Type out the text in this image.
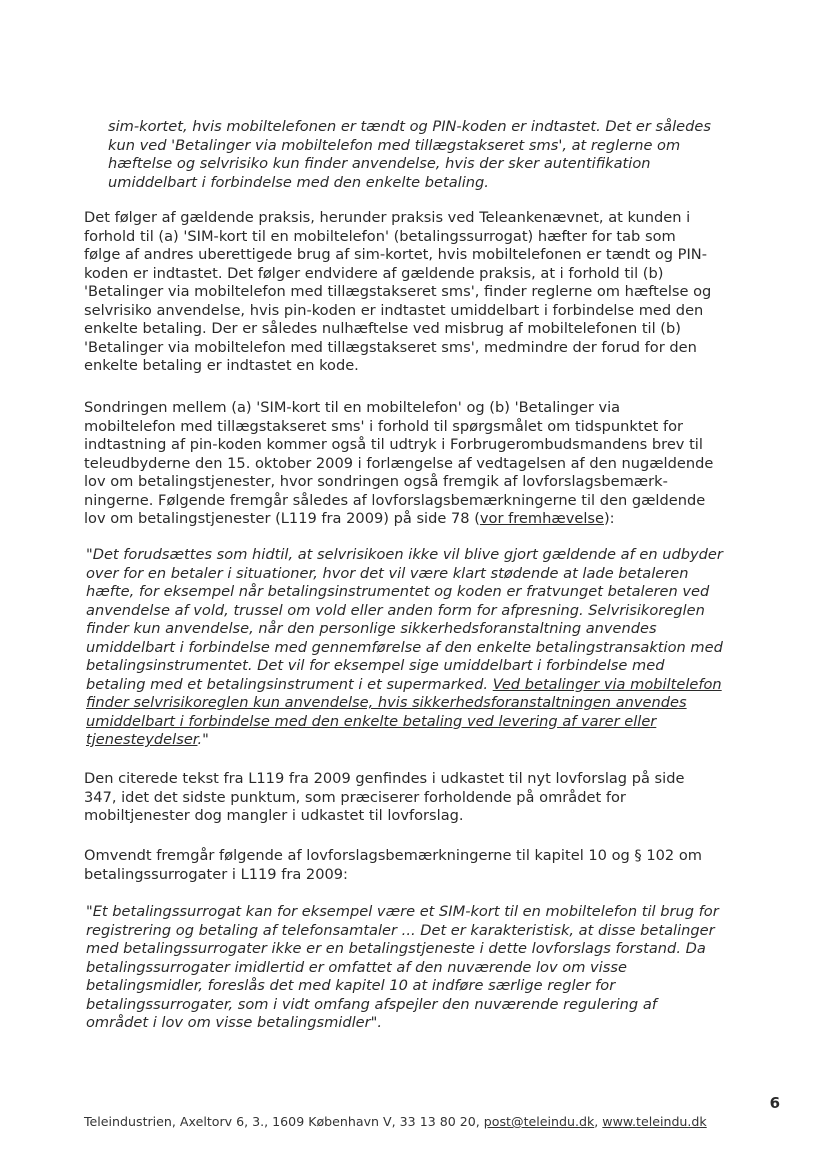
sim-kortet, hvis mobiltelefonen er tændt og PIN-koden er indtastet. Det er således
kun ved 'Betalinger via mobiltelefon med tillægstakseret sms', at reglerne om
hæftelse og selvrisiko kun finder anvendelse, hvis der sker autentifikation
umiddelbart i forbindelse med den enkelte betaling.
Det følger af gældende praksis, herunder praksis ved Teleankenævnet, at kunden i
forhold til (a) 'SIM-kort til en mobiltelefon' (betalingssurrogat) hæfter for tab som
følge af andres uberettigede brug af sim-kortet, hvis mobiltelefonen er tændt og PIN-
koden er indtastet. Det følger endvidere af gældende praksis, at i forhold til (b)
'Betalinger via mobiltelefon med tillægstakseret sms', finder reglerne om hæftelse og
selvrisiko anvendelse, hvis pin-koden er indtastet umiddelbart i forbindelse med den
enkelte betaling. Der er således nulhæftelse ved misbrug af mobiltelefonen til (b)
'Betalinger via mobiltelefon med tillægstakseret sms', medmindre der forud for den
enkelte betaling er indtastet en kode.
Sondringen mellem (a) 'SIM-kort til en mobiltelefon' og (b) 'Betalinger via
mobiltelefon med tillægstakseret sms' i forhold til spørgsmålet om tidspunktet for
indtastning af pin-koden kommer også til udtryk i Forbrugerombudsmandens brev til
teleudbyderne den 15. oktober 2009 i forlængelse af vedtagelsen af den nugældende
lov om betalingstjenester, hvor sondringen også fremgik af lovforslagsbemærk-
ningerne. Følgende fremgår således af lovforslagsbemærkningerne til den gældende
lov om betalingstjenester (L119 fra 2009) på side 78 (vor fremhævelse):
"Det forudsættes som hidtil, at selvrisikoen ikke vil blive gjort gældende af en udbyder
over for en betaler i situationer, hvor det vil være klart stødende at lade betaleren
hæfte, for eksempel når betalingsinstrumentet og koden er fratvunget betaleren ved
anvendelse af vold, trussel om vold eller anden form for afpresning. Selvrisikoreglen
finder kun anvendelse, når den personlige sikkerhedsforanstaltning anvendes
umiddelbart i forbindelse med gennemførelse af den enkelte betalingstransaktion med
betalingsinstrumentet. Det vil for eksempel sige umiddelbart i forbindelse med
betaling med et betalingsinstrument i et supermarked. Ved betalinger via mobiltelefon
finder selvrisikoreglen kun anvendelse, hvis sikkerhedsforanstaltningen anvendes
umiddelbart i forbindelse med den enkelte betaling ved levering af varer eller
tjenesteydelser."
Den citerede tekst fra L119 fra 2009 genfindes i udkastet til nyt lovforslag på side
347, idet det sidste punktum, som præciserer forholdende på området for
mobiltjenester dog mangler i udkastet til lovforslag.
Omvendt fremgår følgende af lovforslagsbemærkningerne til kapitel 10 og § 102 om
betalingssurrogater i L119 fra 2009:
"Et betalingssurrogat kan for eksempel være et SIM-kort til en mobiltelefon til brug for
registrering og betaling af telefonsamtaler ... Det er karakteristisk, at disse betalinger
med betalingssurrogater ikke er en betalingstjeneste i dette lovforslags forstand. Da
betalingssurrogater imidlertid er omfattet af den nuværende lov om visse
betalingsmidler, foreslås det med kapitel 10 at indføre særlige regler for
betalingssurrogater, som i vidt omfang afspejler den nuværende regulering af
området i lov om visse betalingsmidler".
6
Teleindustrien, Axeltorv 6, 3., 1609 København V, 33 13 80 20, post@teleindu.dk, www.teleindu.dk
